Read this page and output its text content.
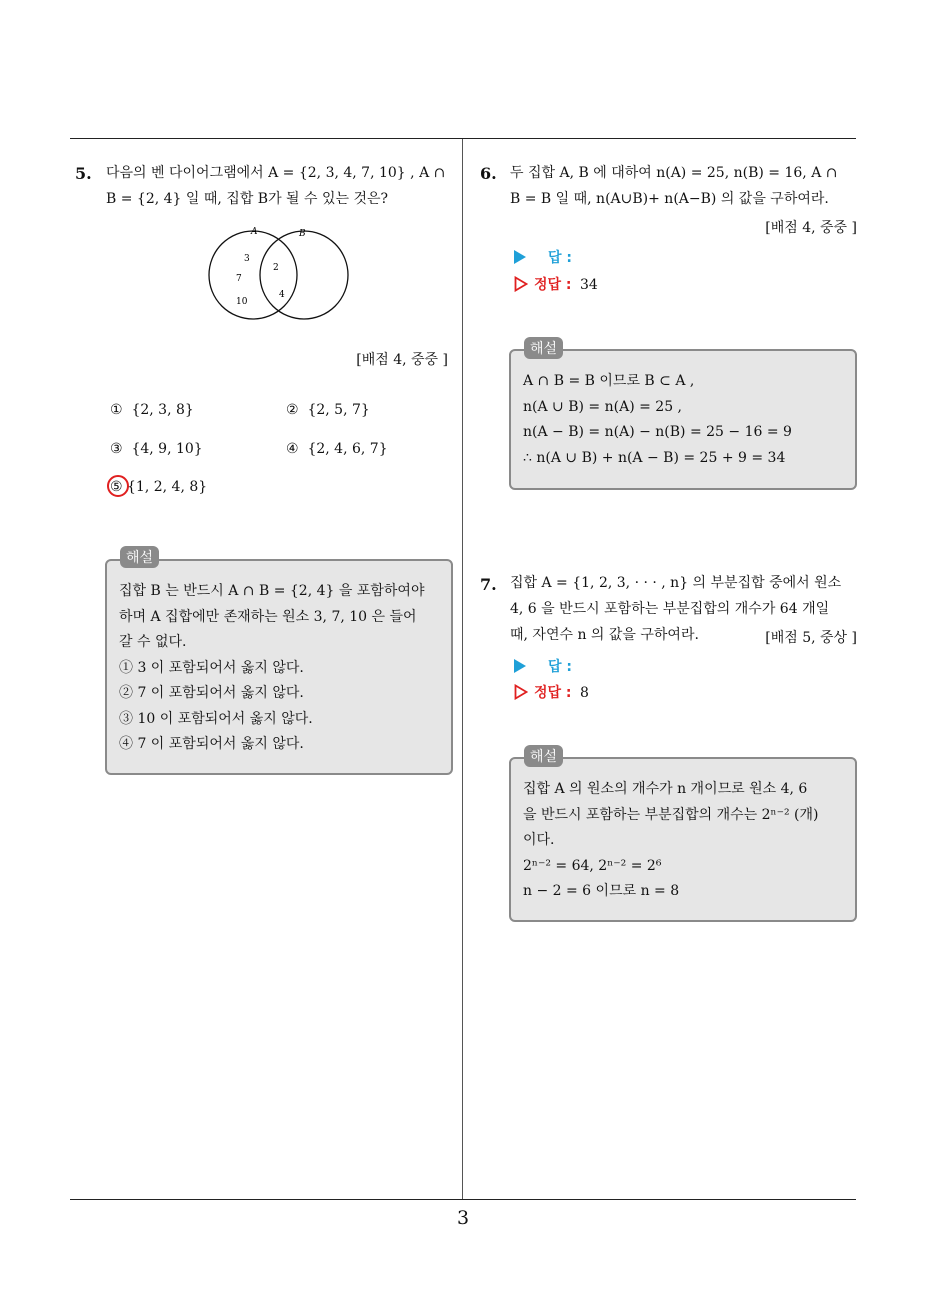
5. 다음의 벤 다이어그램에서 A = {2, 3, 4, 7, 10} , A ∩
B = {2, 4} 일 때, 집합 B가 될 수 있는 것은?
A	B
3
7
10
2
4
[배점 4, 중중 ]
① {2, 3, 8}	② {2, 5, 7}
③ {4, 9, 10}	④ {2, 4, 6, 7}
⑤ {1, 2, 4, 8}
집합 B 는 반드시 A ∩ B = {2, 4} 을 포함하여야
하며 A 집합에만 존재하는 원소 3, 7, 10 은 들어
갈 수 없다.
① 3 이 포함되어서 옳지 않다.
② 7 이 포함되어서 옳지 않다.
③ 10 이 포함되어서 옳지 않다.
④ 7 이 포함되어서 옳지 않다.
해설
6. 두 집합 A, B 에 대하여 n(A) = 25, n(B) = 16, A ∩
B = B 일 때, n(A∪B)+ n(A−B) 의 값을 구하여라.
[배점 4, 중중 ]
답 :
정답 : 34
A ∩ B = B 이므로 B ⊂ A ,
n(A ∪ B) = n(A) = 25 ,
n(A − B) = n(A) − n(B) = 25 − 16 = 9
∴ n(A ∪ B) + n(A − B) = 25 + 9 = 34
해설
7. 집합 A = {1, 2, 3, · · · , n} 의 부분집합 중에서 원소
4, 6 을 반드시 포함하는 부분집합의 개수가 64 개일
때, 자연수 n 의 값을 구하여라.	[배점 5, 중상 ]
답 :
정답 : 8
집합 A 의 원소의 개수가 n 개이므로 원소 4, 6
을 반드시 포함하는 부분집합의 개수는 2ⁿ⁻² (개)
이다.
2ⁿ⁻² = 64, 2ⁿ⁻² = 2⁶
n − 2 = 6 이므로 n = 8
해설
3
